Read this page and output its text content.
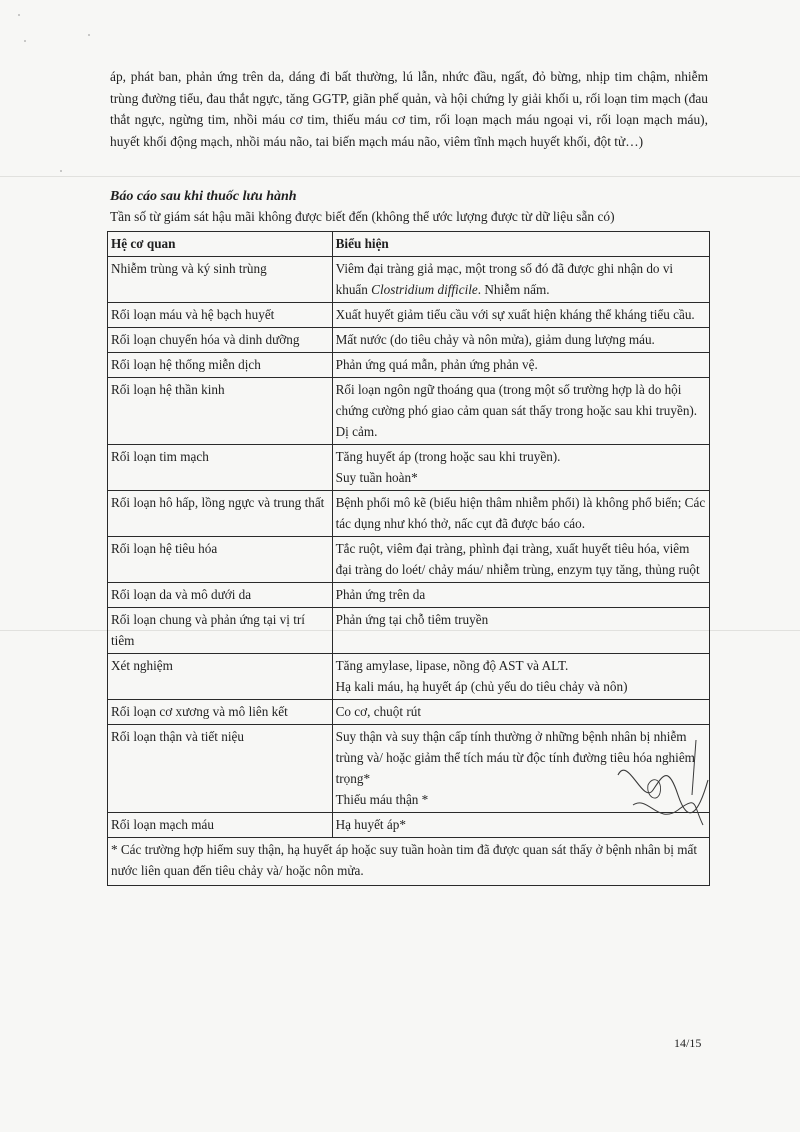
áp, phát ban, phản ứng trên da, dáng đi bất thường, lú lẫn, nhức đầu, ngất, đỏ bừng, nhịp tim chậm, nhiễm trùng đường tiểu, đau thắt ngực, tăng GGTP, giãn phế quản, và hội chứng ly giải khối u, rối loạn tim mạch (đau thắt ngực, ngừng tim, nhồi máu cơ tim, thiếu máu cơ tim, rối loạn mạch máu ngoại vi, rối loạn mạch máu), huyết khối động mạch, nhồi máu não, tai biến mạch máu não, viêm tĩnh mạch huyết khối, đột tử…)

Báo cáo sau khi thuốc lưu hành

Tần số từ giám sát hậu mãi không được biết đến (không thể ước lượng được từ dữ liệu sẵn có)

Hệ cơ quan	Biểu hiện
Nhiễm trùng và ký sinh trùng	Viêm đại tràng giả mạc, một trong số đó đã được ghi nhận do vi khuẩn Clostridium difficile. Nhiễm nấm.
Rối loạn máu và hệ bạch huyết	Xuất huyết giảm tiểu cầu với sự xuất hiện kháng thể kháng tiểu cầu.

Rối loạn chuyển hóa và dinh dưỡng	Mất nước (do tiêu chảy và nôn mửa), giảm dung lượng máu.

Rối loạn hệ thống miễn dịch	Phản ứng quá mẫn, phản ứng phản vệ.

Rối loạn hệ thần kinh	Rối loạn ngôn ngữ thoáng qua (trong một số trường hợp là do hội chứng cường phó giao cảm quan sát thấy trong hoặc sau khi truyền).
Dị cảm.

Rối loạn tim mạch	Tăng huyết áp (trong hoặc sau khi truyền).
Suy tuần hoàn*

Rối loạn hô hấp, lồng ngực và trung thất	Bệnh phổi mô kẽ (biểu hiện thâm nhiễm phổi) là không phổ biến; Các tác dụng như khó thở, nấc cụt đã được báo cáo.

Rối loạn hệ tiêu hóa	Tắc ruột, viêm đại tràng, phình đại tràng, xuất huyết tiêu hóa, viêm đại tràng do loét/ chảy máu/ nhiễm trùng, enzym tụy tăng, thủng ruột

Rối loạn da và mô dưới da	Phản ứng trên da

Rối loạn chung và phản ứng tại vị trí tiêm	Phản ứng tại chỗ tiêm truyền

Xét nghiệm	Tăng amylase, lipase, nồng độ AST và ALT.
Hạ kali máu, hạ huyết áp (chủ yếu do tiêu chảy và nôn)

Rối loạn cơ xương và mô liên kết	Co cơ, chuột rút

Rối loạn thận và tiết niệu	Suy thận và suy thận cấp tính thường ở những bệnh nhân bị nhiễm trùng và/ hoặc giảm thể tích máu từ độc tính đường tiêu hóa nghiêm trọng*
Thiếu máu thận *

Rối loạn mạch máu	Hạ huyết áp*

* Các trường hợp hiếm suy thận, hạ huyết áp hoặc suy tuần hoàn tim đã được quan sát thấy ở bệnh nhân bị mất nước liên quan đến tiêu chảy và/ hoặc nôn mửa.	

14/15
